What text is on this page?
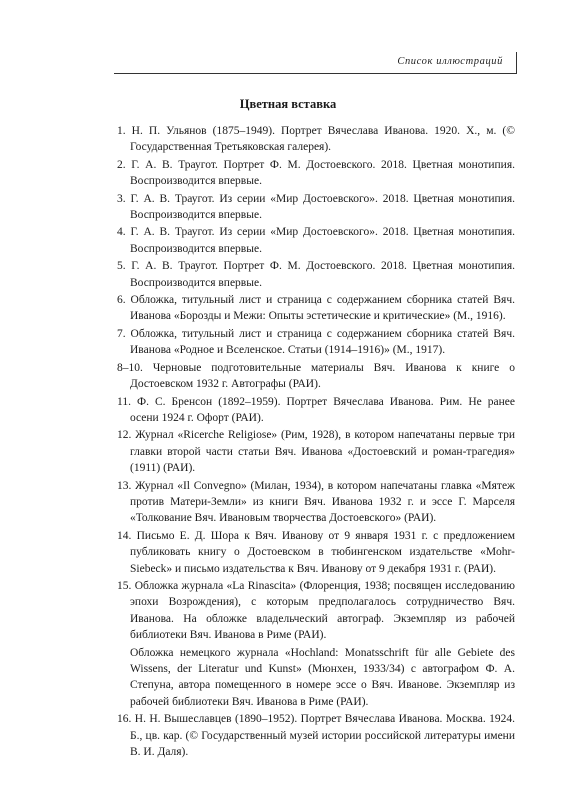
Список иллюстраций
Цветная вставка
1. Н. П. Ульянов (1875–1949). Портрет Вячеслава Иванова. 1920. Х., м. (© Государственная Третьяковская галерея).
2. Г. А. В. Траугот. Портрет Ф. М. Достоевского. 2018. Цветная монотипия. Воспроизводится впервые.
3. Г. А. В. Траугот. Из серии «Мир Достоевского». 2018. Цветная монотипия. Воспроизводится впервые.
4. Г. А. В. Траугот. Из серии «Мир Достоевского». 2018. Цветная монотипия. Воспроизводится впервые.
5. Г. А. В. Траугот. Портрет Ф. М. Достоевского. 2018. Цветная монотипия. Воспроизводится впервые.
6. Обложка, титульный лист и страница с содержанием сборника статей Вяч. Иванова «Борозды и Межи: Опыты эстетические и критические» (М., 1916).
7. Обложка, титульный лист и страница с содержанием сборника статей Вяч. Иванова «Родное и Вселенское. Статьи (1914–1916)» (М., 1917).
8–10. Черновые подготовительные материалы Вяч. Иванова к книге о Достоевском 1932 г. Автографы (РАИ).
11. Ф. С. Бренсон (1892–1959). Портрет Вячеслава Иванова. Рим. Не ранее осени 1924 г. Офорт (РАИ).
12. Журнал «Ricerche Religiose» (Рим, 1928), в котором напечатаны первые три главки второй части статьи Вяч. Иванова «Достоевский и роман-трагедия» (1911) (РАИ).
13. Журнал «Il Convegno» (Милан, 1934), в котором напечатаны главка «Мятеж против Матери-Земли» из книги Вяч. Иванова 1932 г. и эссе Г. Марселя «Толкование Вяч. Ивановым творчества Достоевского» (РАИ).
14. Письмо Е. Д. Шора к Вяч. Иванову от 9 января 1931 г. с предложением публиковать книгу о Достоевском в тюбингенском издательстве «Mohr-Siebeck» и письмо издательства к Вяч. Иванову от 9 декабря 1931 г. (РАИ).
15. Обложка журнала «La Rinascita» (Флоренция, 1938; посвящен исследованию эпохи Возрождения), с которым предполагалось сотрудничество Вяч. Иванова. На обложке владельческий автограф. Экземпляр из рабочей библиотеки Вяч. Иванова в Риме (РАИ).
Обложка немецкого журнала «Hochland: Monatsschrift für alle Gebiete des Wissens, der Literatur und Kunst» (Мюнхен, 1933/34) с автографом Ф. А. Степуна, автора помещенного в номере эссе о Вяч. Иванове. Экземпляр из рабочей библиотеки Вяч. Иванова в Риме (РАИ).
16. Н. Н. Вышеславцев (1890–1952). Портрет Вячеслава Иванова. Москва. 1924. Б., цв. кар. (© Государственный музей истории российской литературы имени В. И. Даля).
